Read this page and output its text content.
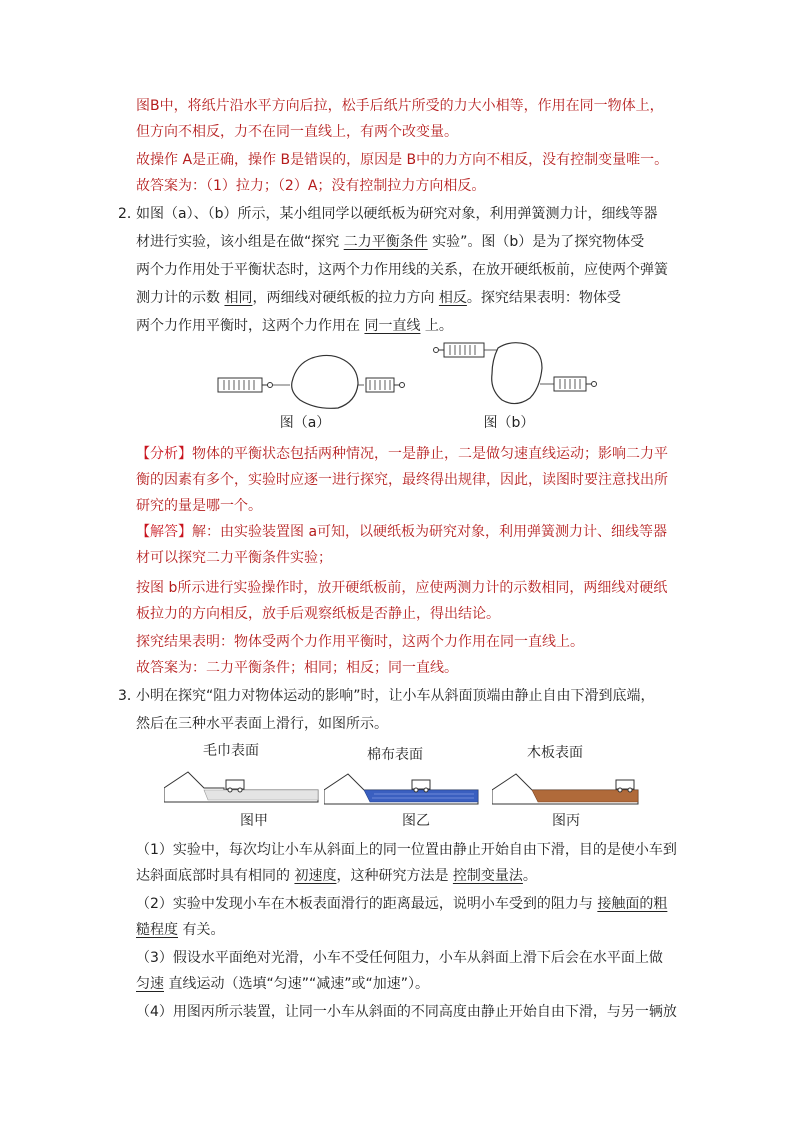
图B中，将纸片沿水平方向后拉，松手后纸片所受的力大小相等，作用在同一物体上，
但方向不相反，力不在同一直线上，有两个改变量。
故操作 A是正确，操作 B是错误的，原因是 B中的力方向不相反，没有控制变量唯一。
故答案为：（1）拉力；（2）A；没有控制拉力方向相反。
2．
如图（a）、（b）所示，某小组同学以硬纸板为研究对象，利用弹簧测力计，细线等器
材进行实验，该小组是在做“探究 二力平衡条件 实验”。图（b）是为了探究物体受
两个力作用处于平衡状态时，这两个力作用线的关系，在放开硬纸板前，应使两个弹簧
测力计的示数 相同，两细线对硬纸板的拉力方向 相反。探究结果表明：物体受
两个力作用平衡时，这两个力作用在 同一直线 上。
图（a）	图（b）
【分析】物体的平衡状态包括两种情况，一是静止，二是做匀速直线运动；影响二力平
衡的因素有多个，实验时应逐一进行探究，最终得出规律，因此，读图时要注意找出所
研究的量是哪一个。
【解答】解：由实验装置图 a可知，以硬纸板为研究对象，利用弹簧测力计、细线等器
材可以探究二力平衡条件实验；
按图 b所示进行实验操作时，放开硬纸板前，应使两测力计的示数相同，两细线对硬纸
板拉力的方向相反，放手后观察纸板是否静止，得出结论。
探究结果表明：物体受两个力作用平衡时，这两个力作用在同一直线上。
故答案为：二力平衡条件；相同；相反；同一直线。
3．
小明在探究“阻力对物体运动的影响”时，让小车从斜面顶端由静止自由下滑到底端，
然后在三种水平表面上滑行，如图所示。
毛巾表面	棉布表面	木板表面
图甲	图乙	图丙
（1）实验中，每次均让小车从斜面上的同一位置由静止开始自由下滑，目的是使小车到
达斜面底部时具有相同的 初速度，这种研究方法是 控制变量法。
（2）实验中发现小车在木板表面滑行的距离最远，说明小车受到的阻力与 接触面的粗
糙程度 有关。
（3）假设水平面绝对光滑，小车不受任何阻力，小车从斜面上滑下后会在水平面上做
匀速 直线运动（选填“匀速”“减速”或“加速”）。
（4）用图丙所示装置，让同一小车从斜面的不同高度由静止开始自由下滑，与另一辆放
